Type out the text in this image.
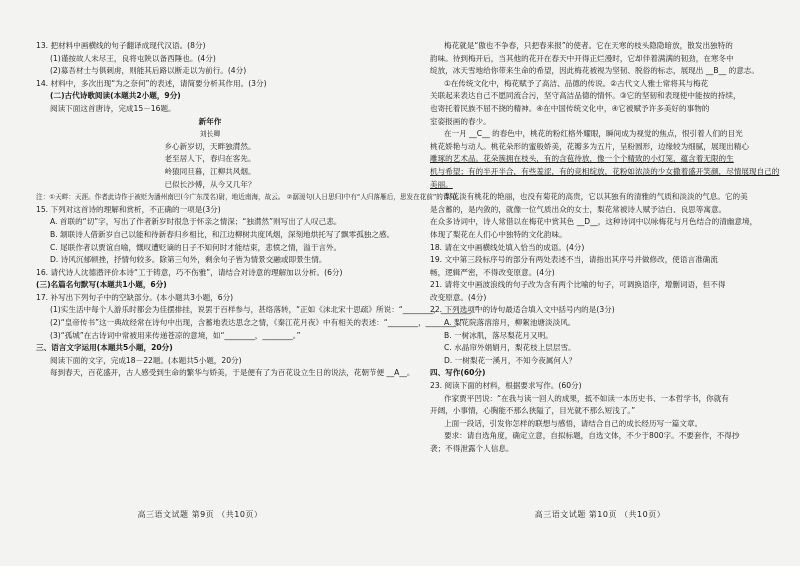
13. 把材料中画横线的句子翻译成现代汉语。(8分)
(1)谨按故人未尽王，良将屯陕以备西陲也。(4分)
(2)募吾材士与俱刺虏，则能其后路以断走以为前行。(4分)
14. 材料中，多次出现“为之奈何”的表述，请简要分析其作用。(3分)
(二)古代诗歌阅读(本题共2小题，9分)
阅读下面这首唐诗，完成15－16题。
新年作
刘长卿
乡心新岁切，天畔独潸然。
老至居人下，春归在客先。
岭猿同旦暮，江柳共风烟。
已似长沙傅，从今又几年？
注：①天畔：天涯。作者此诗作于被贬为潘州南巴(今广东茂名)尉，地近南海，故云。 ②潺湲句(人日思归)中有“人归落雁后，思发在花前”的诗句。
15. 下列对这首诗的理解和赏析，不正确的一项是(3分)
A. 首联的“切”字，写出了作者新岁时很急于怀亲之情深；“独潸然”则写出了人叹己悲。
B. 颔联诗人借新岁自己以能和待新春归乡相比，和江边柳树共度风烟，深刻地烘托写了飘零孤独之感。
C. 尾联作者以贾谊自喻，慨叹遭贬谪的日子不知何时才能结束，悲愤之情，溢于言外。
D. 诗风沉郁顿挫，抒情句较多。除第三句外，剩余句子皆为情景交融或即景生情。
16. 请代诗人沈德潜评价本诗“工于铸意，巧不伤雅”，请结合对诗意的理解加以分析。(6分)
(三)名篇名句默写(本题共1小题，6分)
17. 补写出下列句子中的空缺部分。(本小题共3小题，6分)
(1)实生活中每个人游乐时都会为佳摆排挂，说罢于百样参与，甚络落转，“正如《沫北宋十思疏》所说：“________，________。”
(2)“皇帝传书”这一典故经常在诗句中出现，含蓄地表达思念之情，《秦江花月夜》中有相关的表述：“________，________。”
(3)“孤城”在古诗词中常被用来传递苍凉的意境，如“________，________。”
三、语言文字运用(本题共5小题，20分)
阅读下面的文字，完成18－22题。(本题共5小题，20分)
每到春天，百花盛开，古人感受到生命的繁华与娇美，于是便有了为百花设立生日的说法，花朝节便 __A__。
高三语文试题 第9页 （共10页）
梅花就是“傲也不争春，只把春来报”的使者。它在天寒的枝头隐隐暗放，散发出独特的
韵味。待到梅开后，当其他的花开在春天中开得正烂漫时，它却伴着满满的韧劲，在寒冬中
绽放，冰天雪地给你带来生命的希望，因此梅花被视为坚韧、脱俗的标志，展现出 __B__ 的意志。
①在传统文化中，梅花赋予了高洁、品德的传说。②古代文人雅士常将其与梅花
关联起来表达自己不愿同流合污，坚守高洁品德的情怀。③它的坚韧和表现使中能按的持续，
也寄托着民族不屈不挠的精神。④在中国传统文化中，④它被赋予许多美好的事物的
室姿报画的春少。
在一月 __C__ 的春色中，桃花的粉红格外耀眼，瞬间成为视觉的焦点，恨引着人们的目光
桃花娇艳与动人。桃花朵形的蜜般娇美，花瓣多为五片，呈粉圆形，边缘较为细腻，展现出精心
雕琢的艺术品。花朵簇拥在枝头，有的含苞待放，像一个个精致的小灯笼，蕴含着无限的生
机与希望；有的半开半合，有些羞涩，有的竞相绽放，花粉如浓淡的少女撒着盛开笑颜，尽情展现自己的
美丽。
梨花淡有桃花的艳丽，也没有菊花的高贵，它以其独有的清雅的气质和淡淡的气息。它的美
是含蓄的，是内敛的，就像一位气质出众的女士，梨花常被诗人赋予洁白、良思等寓意。
在众多诗词中，诗人常借以在梅花中赏其色 __D__，这种诗词中以咏梅花与月色结合的清幽意境，
体现了梨花在人们心中独特的文化韵味。
18. 请在文中画横线处填入恰当的成语。(4分)
19. 文中第三段标序号的部分有两处表述不当，请指出其序号并做修改，使语言准确流
畅，逻辑严密，不得改变原意。(4分)
21. 请将文中画波浪线的句子改为含有两个比喻的句子，可调换语序，增删词语，但不得
改变原意。(4分)
22. 下列选项中的诗句最适合填入文中括号内的是(3分)
A. 梨花院落溶溶月，柳絮池塘淡淡风。
B. 一树冰肌，落尽梨花月又明。
C. 水晶帘外娟娟月，梨花枝上层层雪。
D. 一树梨花一溪月，不知今夜属何人？
四、写作(60分)
23. 阅读下面的材料，根据要求写作。(60分)
作家贾平凹说：“在我与读一回人的成果，抵不如读一本历史书、一本哲学书，你就有
开阔，小事情，心胸能不那么狭隘了，目光就不那么短浅了。”
上面一段话，引发你怎样的联想与感悟，请结合自己的成长经历写一篇文章。
要求：请自选角度，确定立意，自拟标题，自选文体，不少于800字。不要套作，不得抄
袭；不得泄露个人信息。
高三语文试题 第10页 （共10页）
